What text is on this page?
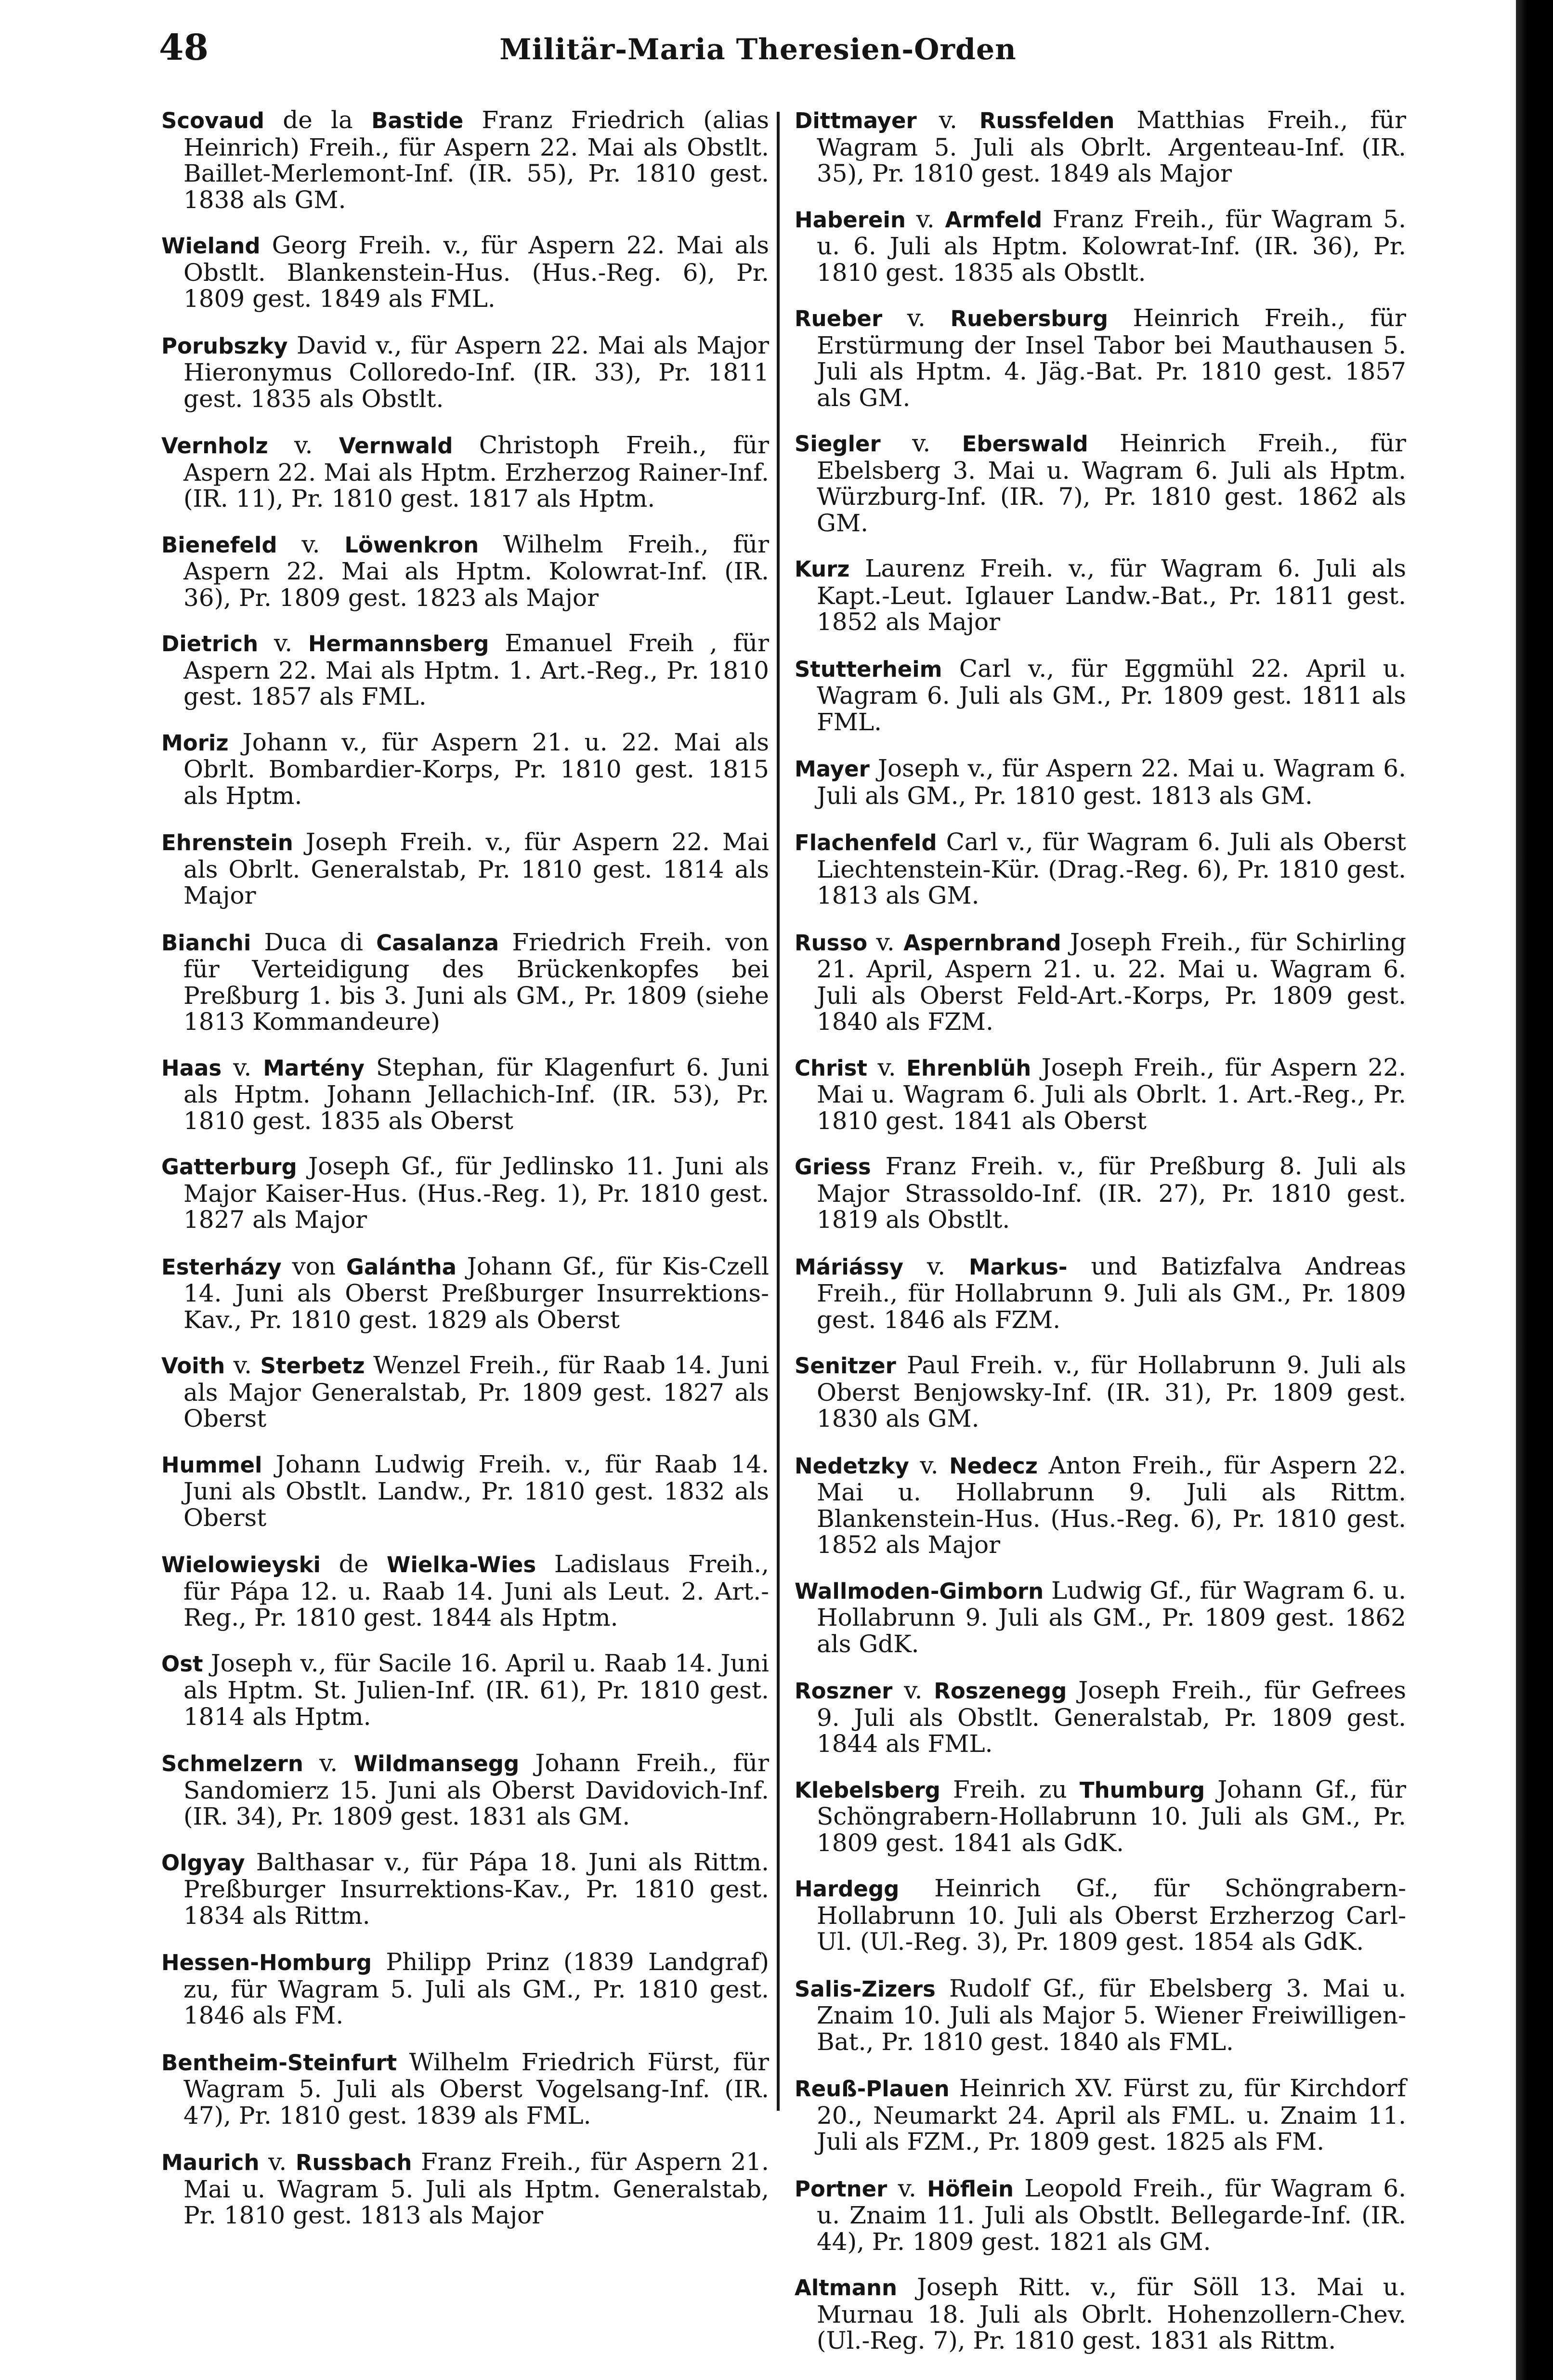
48	Militär-Maria Theresien-Orden

Scovaud de la Bastide Franz Friedrich (alias Heinrich) Freih., für Aspern 22. Mai als Obstlt. Baillet-Merlemont-Inf. (IR. 55), Pr. 1810 gest. 1838 als GM.

Wieland Georg Freih. v., für Aspern 22. Mai als Obstlt. Blankenstein-Hus. (Hus.-Reg. 6), Pr. 1809 gest. 1849 als FML.

Porubszky David v., für Aspern 22. Mai als Major Hieronymus Colloredo-Inf. (IR. 33), Pr. 1811 gest. 1835 als Obstlt.

Vernholz v. Vernwald Christoph Freih., für Aspern 22. Mai als Hptm. Erzherzog Rainer-Inf. (IR. 11), Pr. 1810 gest. 1817 als Hptm.

Bienefeld v. Löwenkron Wilhelm Freih., für Aspern 22. Mai als Hptm. Kolowrat-Inf. (IR. 36), Pr. 1809 gest. 1823 als Major

Dietrich v. Hermannsberg Emanuel Freih , für Aspern 22. Mai als Hptm. 1. Art.-Reg., Pr. 1810 gest. 1857 als FML.

Moriz Johann v., für Aspern 21. u. 22. Mai als Obrlt. Bombardier-Korps, Pr. 1810 gest. 1815 als Hptm.

Ehrenstein Joseph Freih. v., für Aspern 22. Mai als Obrlt. Generalstab, Pr. 1810 gest. 1814 als Major

Bianchi Duca di Casalanza Friedrich Freih. von für Verteidigung des Brückenkopfes bei Preßburg 1. bis 3. Juni als GM., Pr. 1809 (siehe 1813 Kommandeure)

Haas v. Martény Stephan, für Klagenfurt 6. Juni als Hptm. Johann Jellachich-Inf. (IR. 53), Pr. 1810 gest. 1835 als Oberst

Gatterburg Joseph Gf., für Jedlinsko 11. Juni als Major Kaiser-Hus. (Hus.-Reg. 1), Pr. 1810 gest. 1827 als Major

Esterházy von Galántha Johann Gf., für Kis-Czell 14. Juni als Oberst Preßburger Insurrektions-Kav., Pr. 1810 gest. 1829 als Oberst

Voith v. Sterbetz Wenzel Freih., für Raab 14. Juni als Major Generalstab, Pr. 1809 gest. 1827 als Oberst

Hummel Johann Ludwig Freih. v., für Raab 14. Juni als Obstlt. Landw., Pr. 1810 gest. 1832 als Oberst

Wielowieyski de Wielka-Wies Ladislaus Freih., für Pápa 12. u. Raab 14. Juni als Leut. 2. Art.-Reg., Pr. 1810 gest. 1844 als Hptm.

Ost Joseph v., für Sacile 16. April u. Raab 14. Juni als Hptm. St. Julien-Inf. (IR. 61), Pr. 1810 gest. 1814 als Hptm.

Schmelzern v. Wildmansegg Johann Freih., für Sandomierz 15. Juni als Oberst Davidovich-Inf. (IR. 34), Pr. 1809 gest. 1831 als GM.

Olgyay Balthasar v., für Pápa 18. Juni als Rittm. Preßburger Insurrektions-Kav., Pr. 1810 gest. 1834 als Rittm.

Hessen-Homburg Philipp Prinz (1839 Landgraf) zu, für Wagram 5. Juli als GM., Pr. 1810 gest. 1846 als FM.

Bentheim-Steinfurt Wilhelm Friedrich Fürst, für Wagram 5. Juli als Oberst Vogelsang-Inf. (IR. 47), Pr. 1810 gest. 1839 als FML.

Maurich v. Russbach Franz Freih., für Aspern 21. Mai u. Wagram 5. Juli als Hptm. Generalstab, Pr. 1810 gest. 1813 als Major

Dittmayer v. Russfelden Matthias Freih., für Wagram 5. Juli als Obrlt. Argenteau-Inf. (IR. 35), Pr. 1810 gest. 1849 als Major

Haberein v. Armfeld Franz Freih., für Wagram 5. u. 6. Juli als Hptm. Kolowrat-Inf. (IR. 36), Pr. 1810 gest. 1835 als Obstlt.

Rueber v. Ruebersburg Heinrich Freih., für Erstürmung der Insel Tabor bei Mauthausen 5. Juli als Hptm. 4. Jäg.-Bat. Pr. 1810 gest. 1857 als GM.

Siegler v. Eberswald Heinrich Freih., für Ebelsberg 3. Mai u. Wagram 6. Juli als Hptm. Würzburg-Inf. (IR. 7), Pr. 1810 gest. 1862 als GM.

Kurz Laurenz Freih. v., für Wagram 6. Juli als Kapt.-Leut. Iglauer Landw.-Bat., Pr. 1811 gest. 1852 als Major

Stutterheim Carl v., für Eggmühl 22. April u. Wagram 6. Juli als GM., Pr. 1809 gest. 1811 als FML.

Mayer Joseph v., für Aspern 22. Mai u. Wagram 6. Juli als GM., Pr. 1810 gest. 1813 als GM.

Flachenfeld Carl v., für Wagram 6. Juli als Oberst Liechtenstein-Kür. (Drag.-Reg. 6), Pr. 1810 gest. 1813 als GM.

Russo v. Aspernbrand Joseph Freih., für Schirling 21. April, Aspern 21. u. 22. Mai u. Wagram 6. Juli als Oberst Feld-Art.-Korps, Pr. 1809 gest. 1840 als FZM.

Christ v. Ehrenblüh Joseph Freih., für Aspern 22. Mai u. Wagram 6. Juli als Obrlt. 1. Art.-Reg., Pr. 1810 gest. 1841 als Oberst

Griess Franz Freih. v., für Preßburg 8. Juli als Major Strassoldo-Inf. (IR. 27), Pr. 1810 gest. 1819 als Obstlt.

Máriássy v. Markus- und Batizfalva Andreas Freih., für Hollabrunn 9. Juli als GM., Pr. 1809 gest. 1846 als FZM.

Senitzer Paul Freih. v., für Hollabrunn 9. Juli als Oberst Benjowsky-Inf. (IR. 31), Pr. 1809 gest. 1830 als GM.

Nedetzky v. Nedecz Anton Freih., für Aspern 22. Mai u. Hollabrunn 9. Juli als Rittm. Blankenstein-Hus. (Hus.-Reg. 6), Pr. 1810 gest. 1852 als Major

Wallmoden-Gimborn Ludwig Gf., für Wagram 6. u. Hollabrunn 9. Juli als GM., Pr. 1809 gest. 1862 als GdK.

Roszner v. Roszenegg Joseph Freih., für Gefrees 9. Juli als Obstlt. Generalstab, Pr. 1809 gest. 1844 als FML.

Klebelsberg Freih. zu Thumburg Johann Gf., für Schöngrabern-Hollabrunn 10. Juli als GM., Pr. 1809 gest. 1841 als GdK.

Hardegg Heinrich Gf., für Schöngrabern-Hollabrunn 10. Juli als Oberst Erzherzog Carl-Ul. (Ul.-Reg. 3), Pr. 1809 gest. 1854 als GdK.

Salis-Zizers Rudolf Gf., für Ebelsberg 3. Mai u. Znaim 10. Juli als Major 5. Wiener Freiwilligen-Bat., Pr. 1810 gest. 1840 als FML.

Reuß-Plauen Heinrich XV. Fürst zu, für Kirchdorf 20., Neumarkt 24. April als FML. u. Znaim 11. Juli als FZM., Pr. 1809 gest. 1825 als FM.

Portner v. Höflein Leopold Freih., für Wagram 6. u. Znaim 11. Juli als Obstlt. Bellegarde-Inf. (IR. 44), Pr. 1809 gest. 1821 als GM.

Altmann Joseph Ritt. v., für Söll 13. Mai u. Murnau 18. Juli als Obrlt. Hohenzollern-Chev. (Ul.-Reg. 7), Pr. 1810 gest. 1831 als Rittm.
